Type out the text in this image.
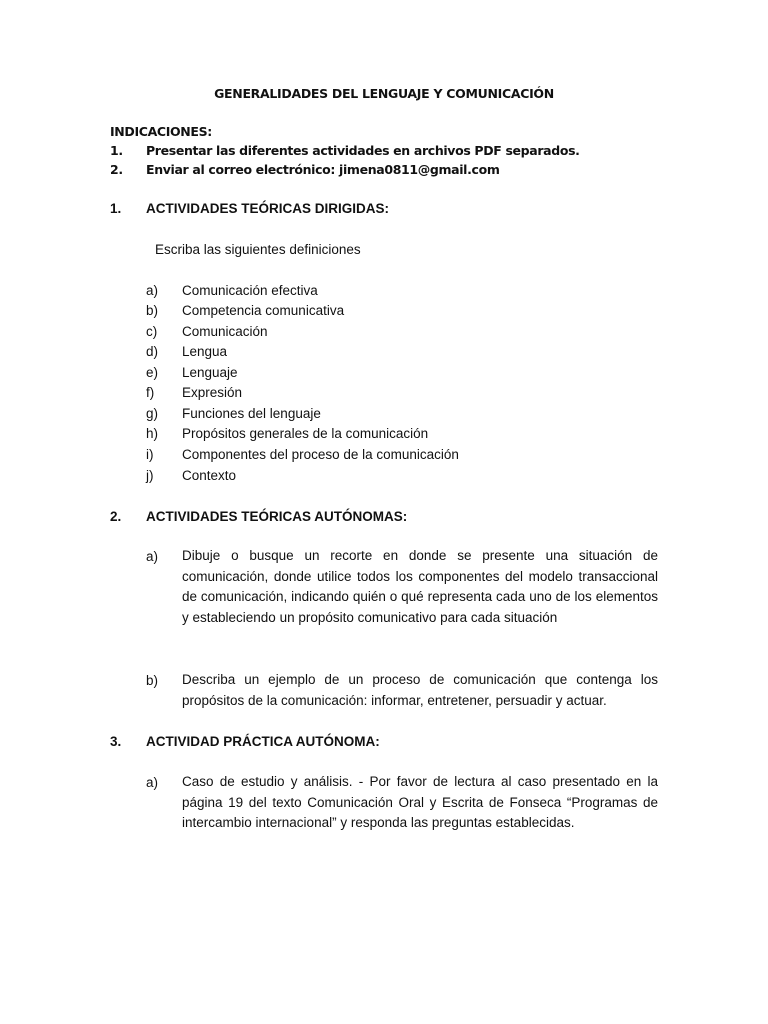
GENERALIDADES DEL LENGUAJE Y COMUNICACIÓN
INDICACIONES:
1. Presentar las diferentes actividades en archivos PDF separados.
2. Enviar al correo electrónico: jimena0811@gmail.com
1. ACTIVIDADES TEÓRICAS DIRIGIDAS:
Escriba las siguientes definiciones
a) Comunicación efectiva
b) Competencia comunicativa
c) Comunicación
d) Lengua
e) Lenguaje
f) Expresión
g) Funciones del lenguaje
h) Propósitos generales de la comunicación
i) Componentes del proceso de la comunicación
j) Contexto
2. ACTIVIDADES TEÓRICAS AUTÓNOMAS:
a) Dibuje o busque un recorte en donde se presente una situación de comunicación, donde utilice todos los componentes del modelo transaccional de comunicación, indicando quién o qué representa cada uno de los elementos y estableciendo un propósito comunicativo para cada situación
b) Describa un ejemplo de un proceso de comunicación que contenga los propósitos de la comunicación: informar, entretener, persuadir y actuar.
3. ACTIVIDAD PRÁCTICA AUTÓNOMA:
a) Caso de estudio y análisis. - Por favor de lectura al caso presentado en la página 19 del texto Comunicación Oral y Escrita de Fonseca “Programas de intercambio internacional” y responda las preguntas establecidas.
